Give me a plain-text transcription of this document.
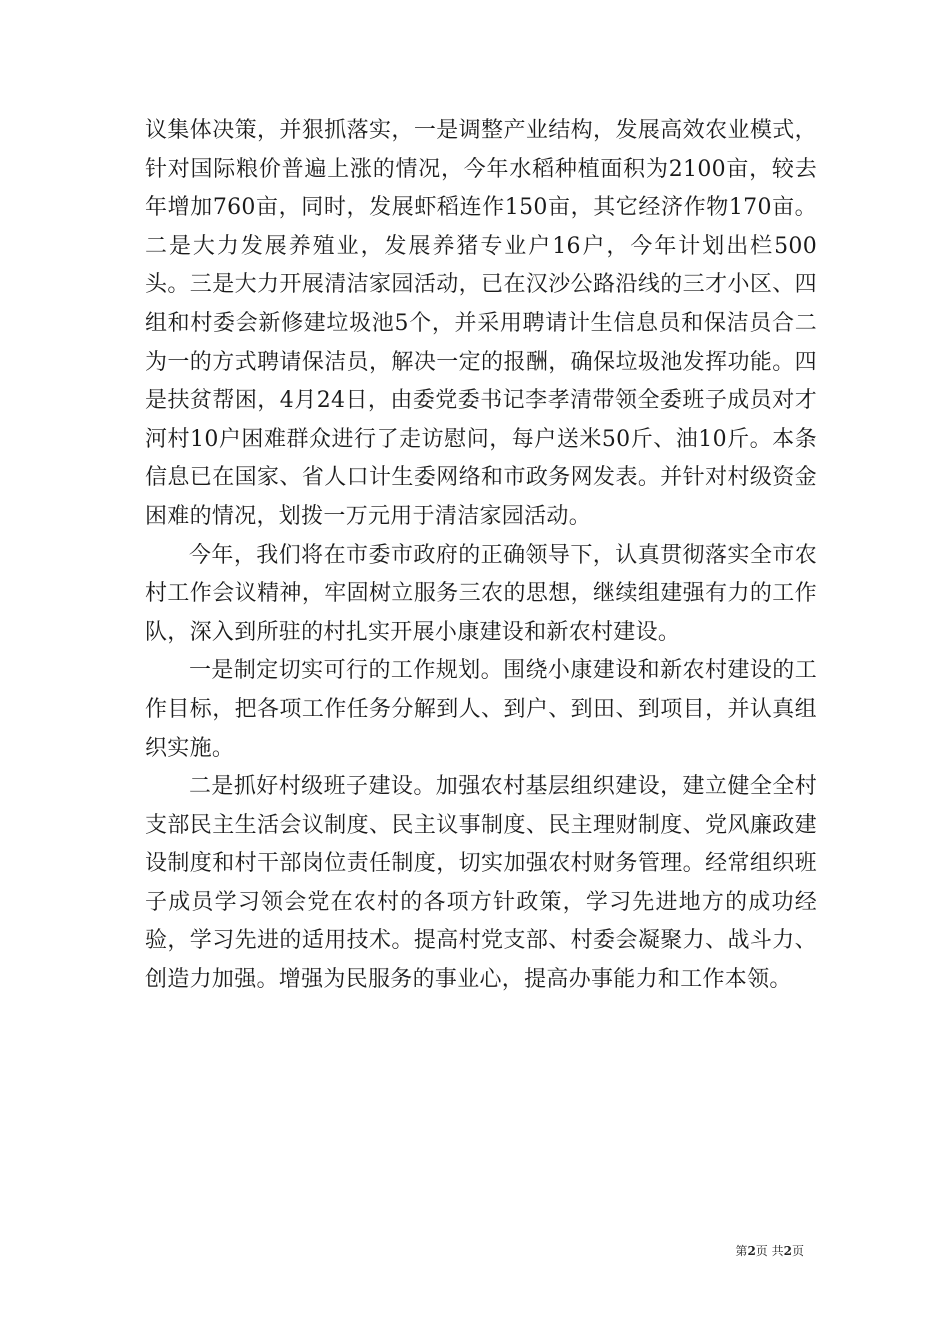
议集体决策，并狠抓落实，一是调整产业结构，发展高效农业模式，针对国际粮价普遍上涨的情况，今年水稻种植面积为2100亩，较去年增加760亩，同时，发展虾稻连作150亩，其它经济作物170亩。二是大力发展养殖业，发展养猪专业户16户，今年计划出栏500头。三是大力开展清洁家园活动，已在汉沙公路沿线的三才小区、四组和村委会新修建垃圾池5个，并采用聘请计生信息员和保洁员合二为一的方式聘请保洁员，解决一定的报酬，确保垃圾池发挥功能。四是扶贫帮困，4月24日，由委党委书记李孝清带领全委班子成员对才河村10户困难群众进行了走访慰问，每户送米50斤、油10斤。本条信息已在国家、省人口计生委网络和市政务网发表。并针对村级资金困难的情况，划拨一万元用于清洁家园活动。

今年，我们将在市委市政府的正确领导下，认真贯彻落实全市农村工作会议精神，牢固树立服务三农的思想，继续组建强有力的工作队，深入到所驻的村扎实开展小康建设和新农村建设。

一是制定切实可行的工作规划。围绕小康建设和新农村建设的工作目标，把各项工作任务分解到人、到户、到田、到项目，并认真组织实施。

二是抓好村级班子建设。加强农村基层组织建设，建立健全全村支部民主生活会议制度、民主议事制度、民主理财制度、党风廉政建设制度和村干部岗位责任制度，切实加强农村财务管理。经常组织班子成员学习领会党在农村的各项方针政策，学习先进地方的成功经验，学习先进的适用技术。提高村党支部、村委会凝聚力、战斗力、创造力加强。增强为民服务的事业心，提高办事能力和工作本领。

第2页 共2页
